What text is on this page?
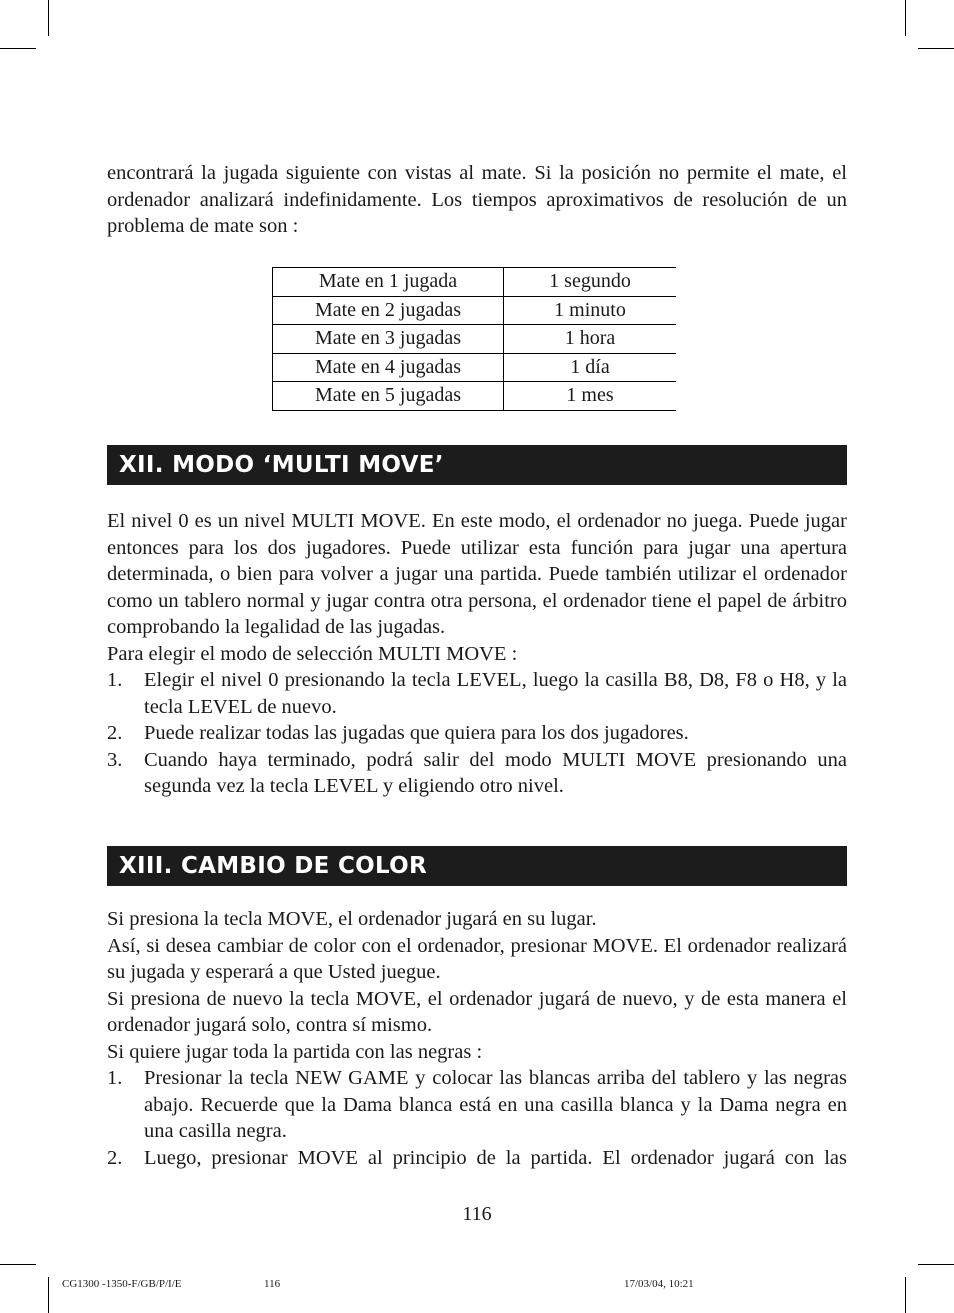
encontrará la jugada siguiente con vistas al mate. Si la posición no permite el mate, el ordenador analizará indefinidamente. Los tiempos aproximativos de resolución de un problema de mate son :

Mate en 1 jugada	1 segundo
Mate en 2 jugadas	1 minuto
Mate en 3 jugadas	1 hora
Mate en 4 jugadas	1 día
Mate en 5 jugadas	1 mes
XII. MODO ‘MULTI MOVE’

El nivel 0 es un nivel MULTI MOVE. En este modo, el ordenador no juega. Puede jugar entonces para los dos jugadores. Puede utilizar esta función para jugar una apertura determinada, o bien para volver a jugar una partida. Puede también utilizar el ordenador como un tablero normal y jugar contra otra persona, el ordenador tiene el papel de árbitro comprobando la legalidad de las jugadas.

Para elegir el modo de selección MULTI MOVE :

1. Elegir el nivel 0 presionando la tecla LEVEL, luego la casilla B8, D8, F8 o H8, y la tecla LEVEL de nuevo.
2. Puede realizar todas las jugadas que quiera para los dos jugadores.
3. Cuando haya terminado, podrá salir del modo MULTI MOVE presionando una segunda vez la tecla LEVEL y eligiendo otro nivel.
XIII. CAMBIO DE COLOR

Si presiona la tecla MOVE, el ordenador jugará en su lugar.

Así, si desea cambiar de color con el ordenador, presionar MOVE. El ordenador realizará su jugada y esperará a que Usted juegue.

Si presiona de nuevo la tecla MOVE, el ordenador jugará de nuevo, y de esta manera el ordenador jugará solo, contra sí mismo.

Si quiere jugar toda la partida con las negras :

1. Presionar la tecla NEW GAME y colocar las blancas arriba del tablero y las negras abajo. Recuerde que la Dama blanca está en una casilla blanca y la Dama negra en una casilla negra.
2. Luego, presionar MOVE al principio de la partida. El ordenador jugará con las
116
CG1300 -1350-F/GB/P/I/E	116	17/03/04, 10:21
